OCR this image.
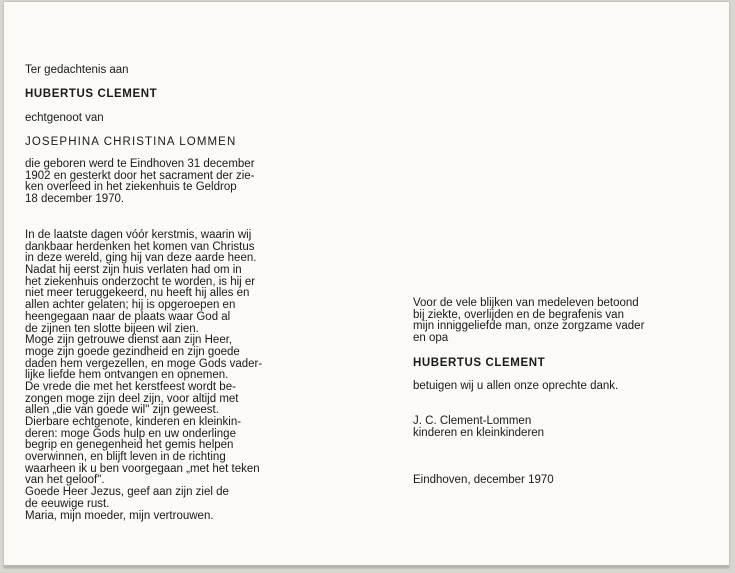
Ter gedachtenis aan
HUBERTUS CLEMENT
echtgenoot van
JOSEPHINA CHRISTINA LOMMEN
die geboren werd te Eindhoven 31 december
1902 en gesterkt door het sacrament der zie-
ken overleed in het ziekenhuis te Geldrop
18 december 1970.
In de laatste dagen vóór kerstmis, waarin wij
dankbaar herdenken het komen van Christus
in deze wereld, ging hij van deze aarde heen.
Nadat hij eerst zijn huis verlaten had om in
het ziekenhuis onderzocht te worden, is hij er
niet meer teruggekeerd, nu heeft hij alles en
allen achter gelaten; hij is opgeroepen en
heengegaan naar de plaats waar God al
de zijnen ten slotte bijeen wil zien.
Moge zijn getrouwe dienst aan zijn Heer,
moge zijn goede gezindheid en zijn goede
daden hem vergezellen, en moge Gods vader-
lijke liefde hem ontvangen en opnemen.
De vrede die met het kerstfeest wordt be-
zongen moge zijn deel zijn, voor altijd met
allen „die van goede wil" zijn geweest.
Dierbare echtgenote, kinderen en kleinkin-
deren: moge Gods hulp en uw onderlinge
begrip en genegenheid het gemis helpen
overwinnen, en blijft leven in de richting
waarheen ik u ben voorgegaan „met het teken
van het geloof".
Goede Heer Jezus, geef aan zijn ziel de
de eeuwige rust.
Maria, mijn moeder, mijn vertrouwen.
Voor de vele blijken van medeleven betoond
bij ziekte, overlijden en de begrafenis van
mijn inniggeliefde man, onze zorgzame vader
en opa
HUBERTUS CLEMENT
betuigen wij u allen onze oprechte dank.
J. C. Clement-Lommen
kinderen en kleinkinderen
Eindhoven, december 1970
